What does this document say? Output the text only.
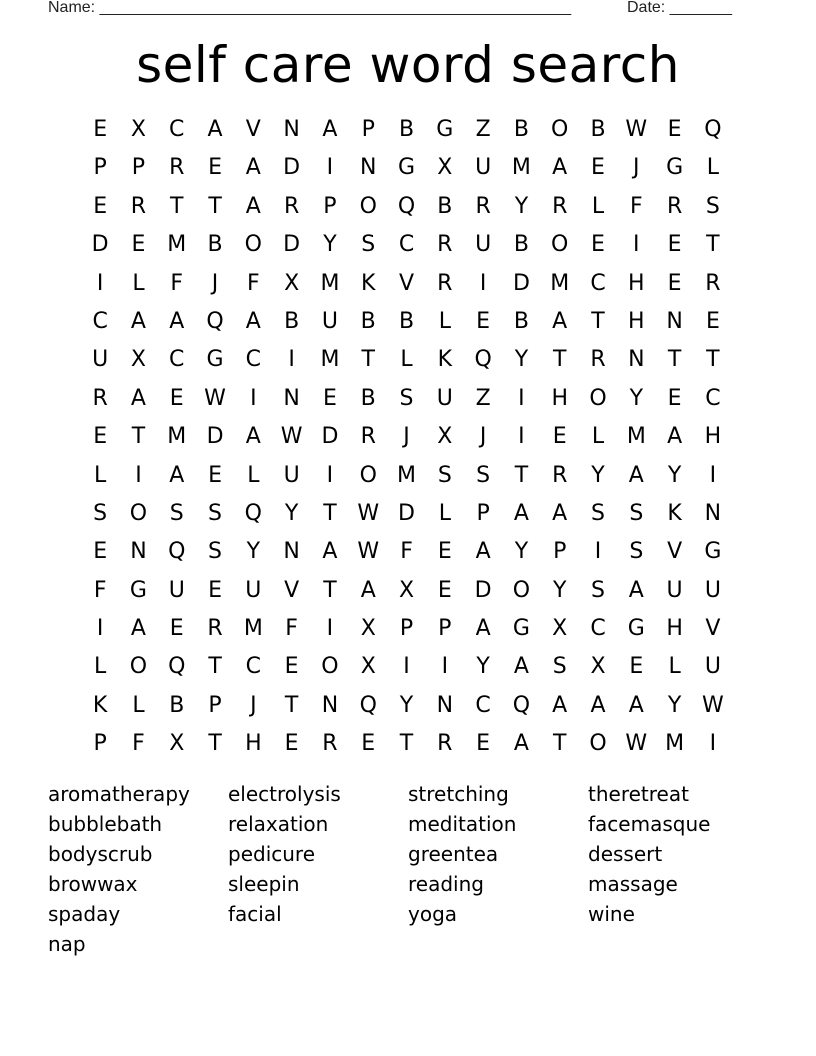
Name: _____________________________________________________	Date: _______
self care word search
E	X	C	A	V	N	A	P	B	G	Z	B	O	B W E	Q
P	P	R	E	A	D	I	N G	X	U M A	E	J	G	L
E	R	T	T	A	R	P	O Q	B	R	Y	R	L	F	R	S
D	E M B	O D	Y	S	C	R	U	B	O	E	I	E	T
I	L	F	J	F	X M K	V	R	I	D M C	H	E	R
C	A	A	Q	A	B	U	B	B	L	E	B	A	T	H N	E
U	X	C	G	C	I	M	T	L	K	Q	Y	T	R	N	T	T
R	A	E W	I	N	E	B	S	U	Z	I	H O	Y	E	C
E	T	M D	A W D	R	J	X	J	I	E	L	M A	H
L	I	A	E	L	U	I	O M S	S	T	R	Y	A	Y	I
S	O	S	S	Q	Y	T W D	L	P	A	A	S	S	K	N
E	N Q	S	Y	N	A W F	E	A	Y	P	I	S	V	G
F	G U	E	U	V	T	A	X	E	D O	Y	S	A	U	U
I	A	E	R M	F	I	X	P	P	A	G	X	C	G H	V
L	O Q	T	C	E	O	X	I	I	Y	A	S	X	E	L	U
K	L	B	P	J	T	N Q	Y	N	C Q	A	A	A	Y W
P	F	X	T	H	E	R	E	T	R	E	A	T	O W M	I
aromatherapy	electrolysis	stretching	theretreat
bubblebath	relaxation	meditation	facemasque
bodyscrub	pedicure	greentea	dessert
browwax	sleepin	reading	massage
spaday	facial	yoga	wine
nap
